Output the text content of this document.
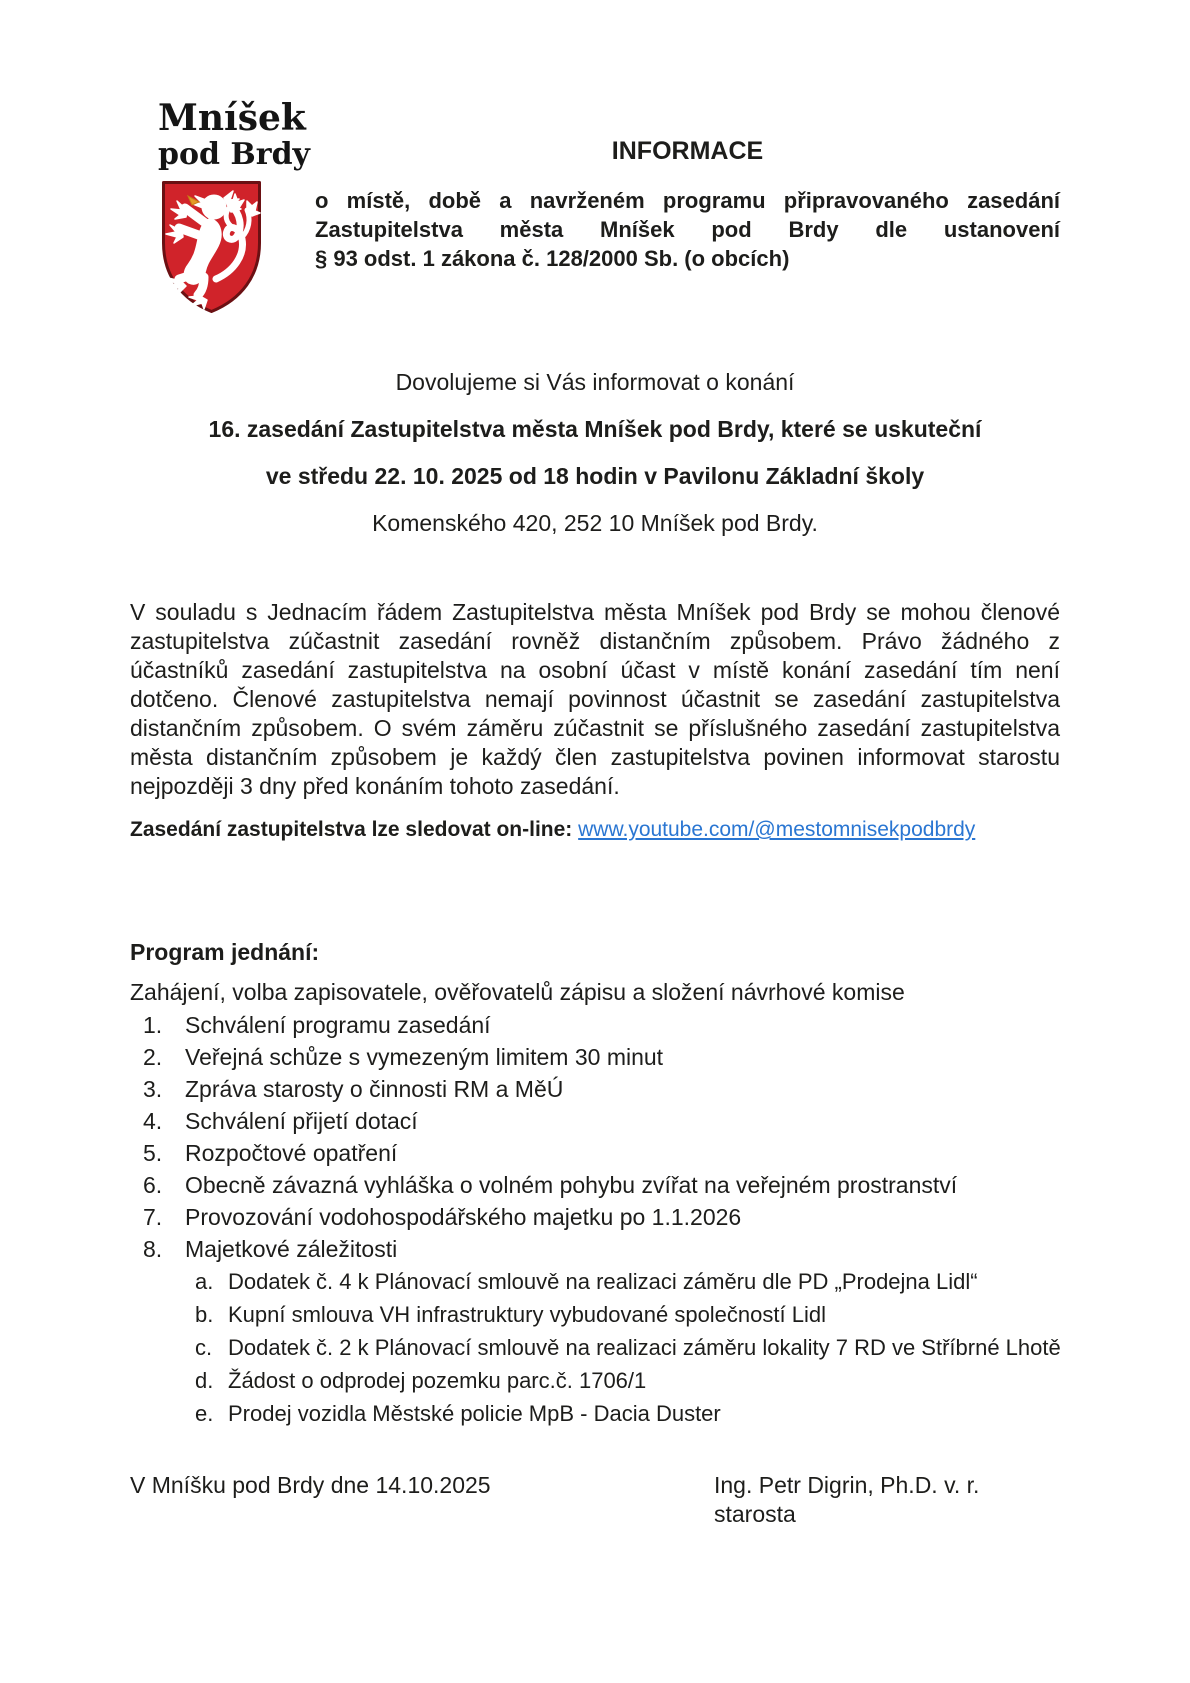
Mníšek
pod Brdy	INFORMACE
o místě, době a navrženém programu připravovaného zasedání
Zastupitelstva města Mníšek pod Brdy dle ustanovení
§ 93 odst. 1 zákona č. 128/2000 Sb. (o obcích)
Dovolujeme si Vás informovat o konání
16. zasedání Zastupitelstva města Mníšek pod Brdy, které se uskuteční
ve středu 22. 10. 2025 od 18 hodin v Pavilonu Základní školy
Komenského 420, 252 10 Mníšek pod Brdy.
V souladu s Jednacím řádem Zastupitelstva města Mníšek pod Brdy se mohou členové zastupitelstva zúčastnit zasedání rovněž distančním způsobem. Právo žádného z účastníků zasedání zastupitelstva na osobní účast v místě konání zasedání tím není dotčeno. Členové zastupitelstva nemají povinnost účastnit se zasedání zastupitelstva distančním způsobem. O svém záměru zúčastnit se příslušného zasedání zastupitelstva města distančním způsobem je každý člen zastupitelstva povinen informovat starostu nejpozději 3 dny před konáním tohoto zasedání.
Zasedání zastupitelstva lze sledovat on-line: www.youtube.com/@mestomnisekpodbrdy
Program jednání:
Zahájení, volba zapisovatele, ověřovatelů zápisu a složení návrhové komise
1. Schválení programu zasedání
2. Veřejná schůze s vymezeným limitem 30 minut
3. Zpráva starosty o činnosti RM a MěÚ
4. Schválení přijetí dotací
5. Rozpočtové opatření
6. Obecně závazná vyhláška o volném pohybu zvířat na veřejném prostranství
7. Provozování vodohospodářského majetku po 1.1.2026
8. Majetkové záležitosti
a. Dodatek č. 4 k Plánovací smlouvě na realizaci záměru dle PD „Prodejna Lidl“
b. Kupní smlouva VH infrastruktury vybudované společností Lidl
c. Dodatek č. 2 k Plánovací smlouvě na realizaci záměru lokality 7 RD ve Stříbrné Lhotě
d. Žádost o odprodej pozemku parc.č. 1706/1
e. Prodej vozidla Městské policie MpB - Dacia Duster
V Mníšku pod Brdy dne 14.10.2025	Ing. Petr Digrin, Ph.D. v. r.
starosta
